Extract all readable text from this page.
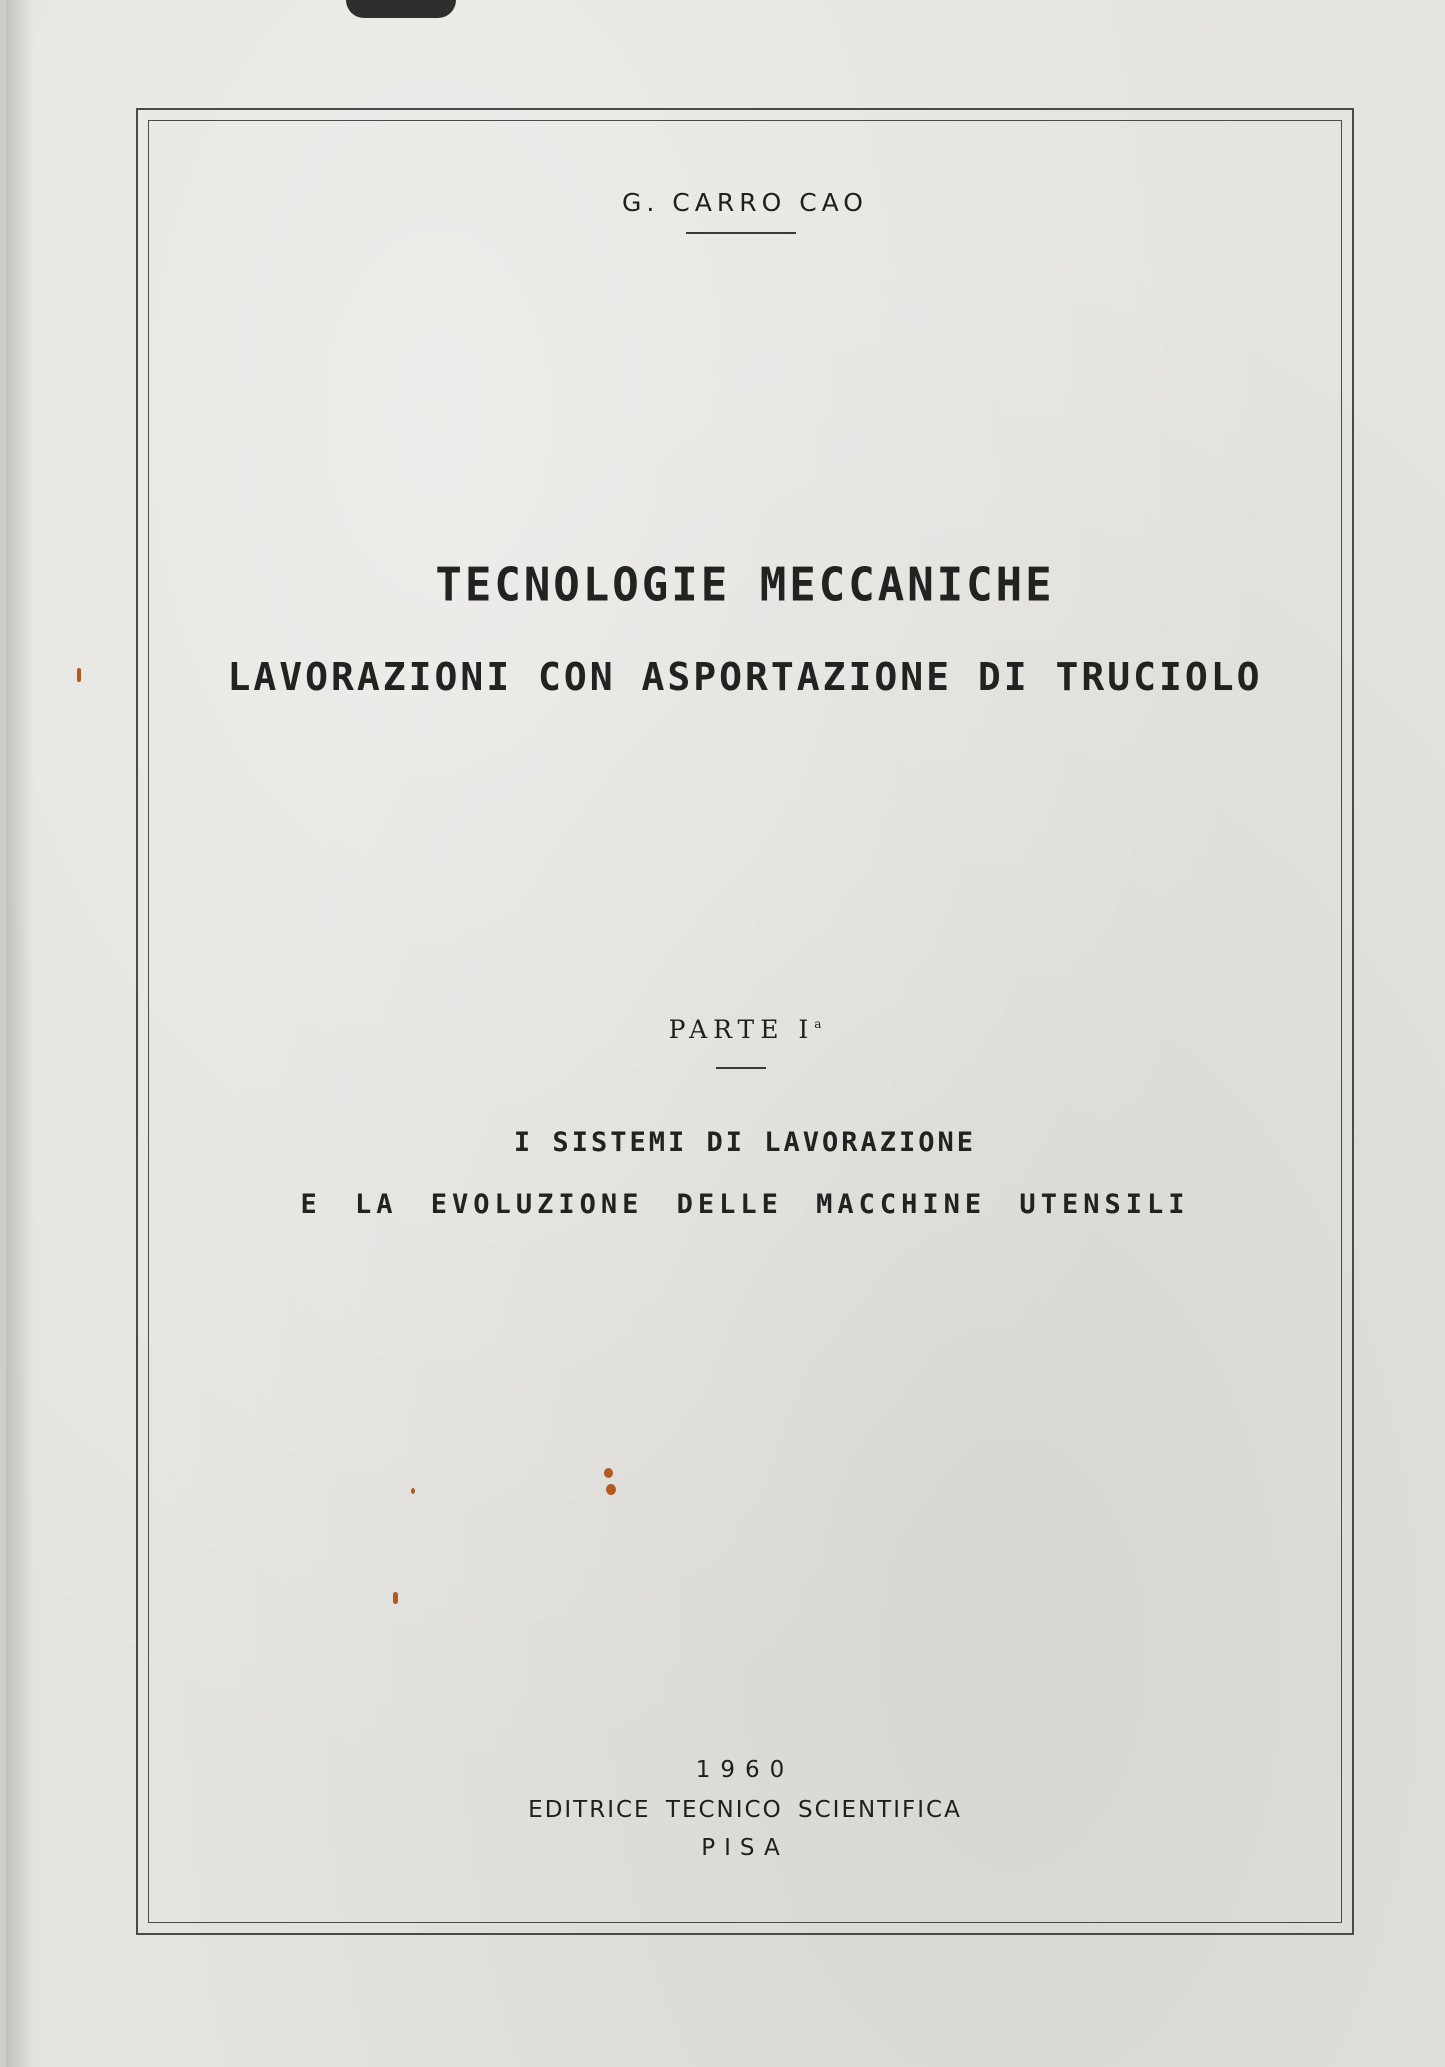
G. CARRO CAO
TECNOLOGIE MECCANICHE
LAVORAZIONI CON ASPORTAZIONE DI TRUCIOLO
PARTE $I^a$
I SISTEMI DI LAVORAZIONE
E LA EVOLUZIONE DELLE MACCHINE UTENSILI
1960
EDITRICE TECNICO SCIENTIFICA
PISA
